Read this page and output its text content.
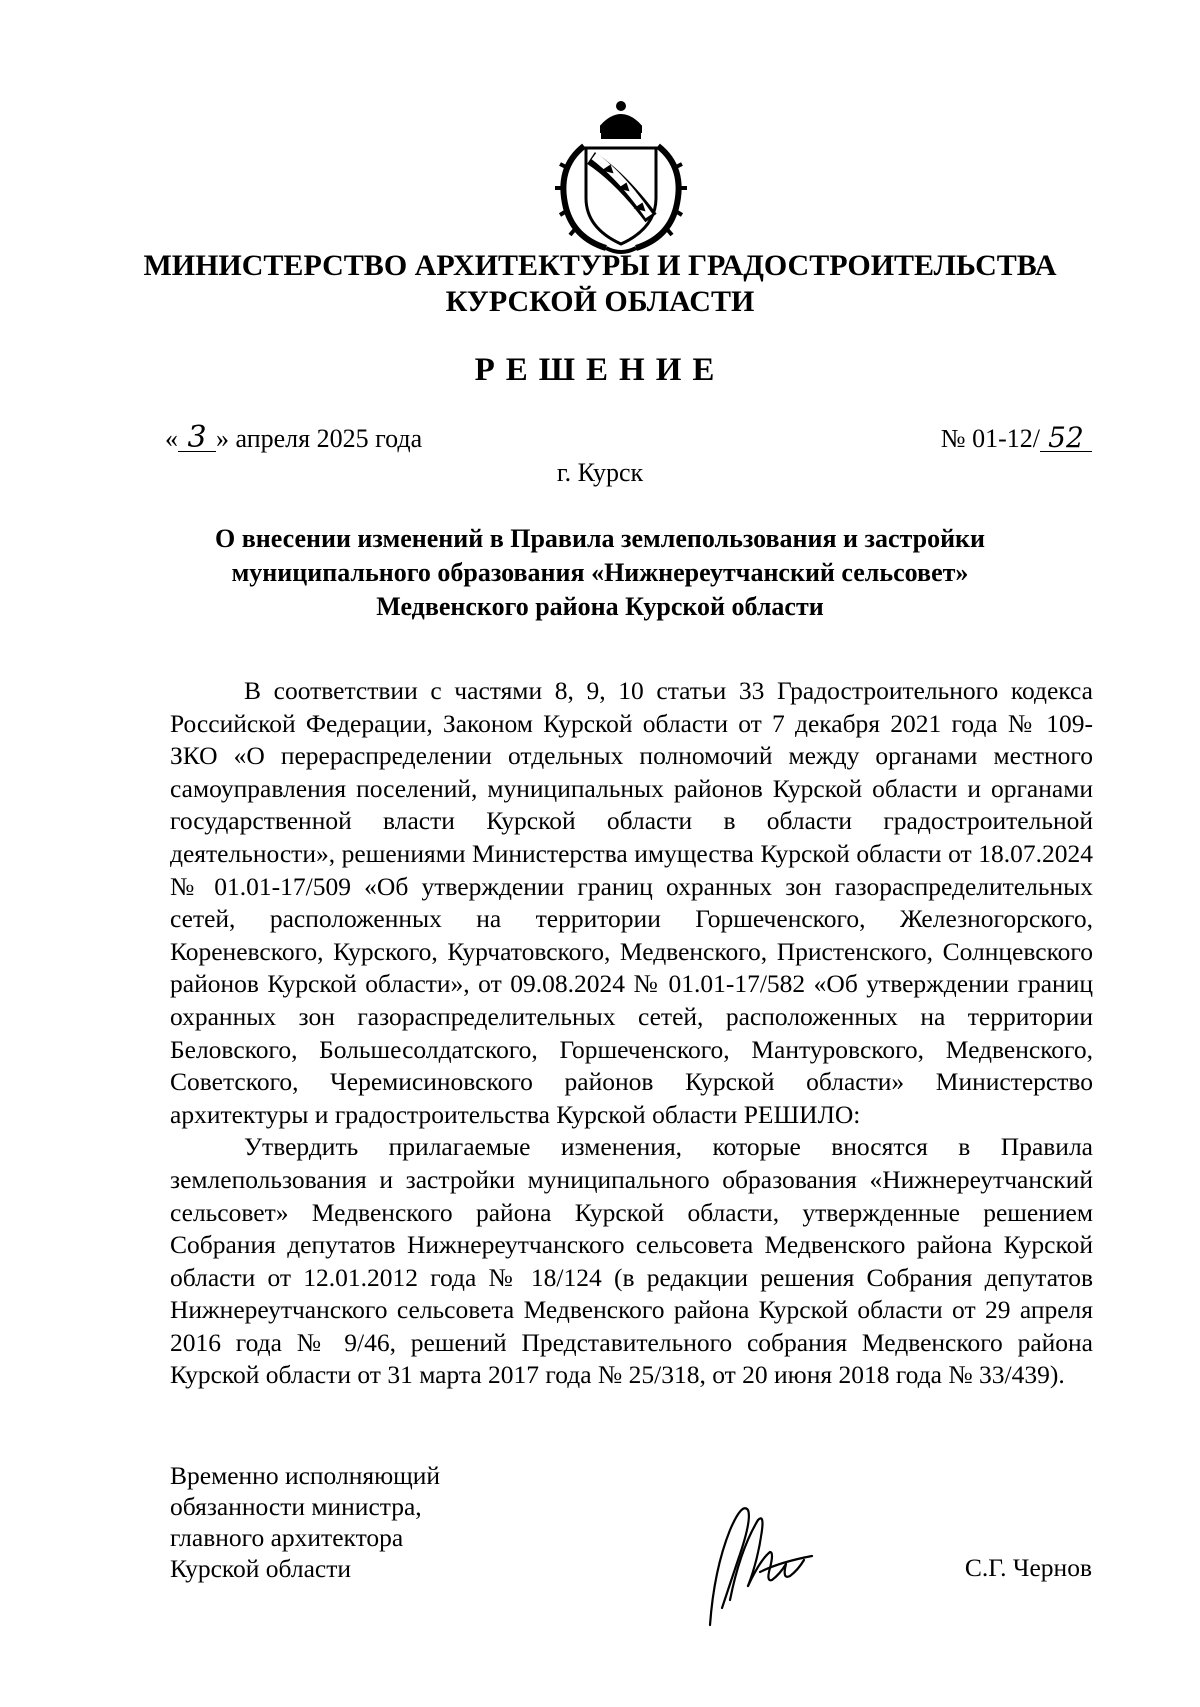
МИНИСТЕРСТВО АРХИТЕКТУРЫ И ГРАДОСТРОИТЕЛЬСТВА
КУРСКОЙ ОБЛАСТИ
РЕШЕНИЕ
« 3 » апреля 2025 года	№ 01-12/ 52
г. Курск
О внесении изменений в Правила землепользования и застройки
муниципального образования «Нижнереутчанский сельсовет»
Медвенского района Курской области

В соответствии с частями 8, 9, 10 статьи 33 Градостроительного кодекса Российской Федерации, Законом Курской области от 7 декабря 2021 года № 109-ЗКО «О перераспределении отдельных полномочий между органами местного самоуправления поселений, муниципальных районов Курской области и органами государственной власти Курской области в области градостроительной деятельности», решениями Министерства имущества Курской области от 18.07.2024 № 01.01-17/509 «Об утверждении границ охранных зон газораспределительных сетей, расположенных на территории Горшеченского, Железногорского, Кореневского, Курского, Курчатовского, Медвенского, Пристенского, Солнцевского районов Курской области», от 09.08.2024 № 01.01-17/582 «Об утверждении границ охранных зон газораспределительных сетей, расположенных на территории Беловского, Большесолдатского, Горшеченского, Мантуровского, Медвенского, Советского, Черемисиновского районов Курской области» Министерство архитектуры и градостроительства Курской области РЕШИЛО:

Утвердить прилагаемые изменения, которые вносятся в Правила землепользования и застройки муниципального образования «Нижнереутчанский сельсовет» Медвенского района Курской области, утвержденные решением Собрания депутатов Нижнереутчанского сельсовета Медвенского района Курской области от 12.01.2012 года № 18/124 (в редакции решения Собрания депутатов Нижнереутчанского сельсовета Медвенского района Курской области от 29 апреля 2016 года № 9/46, решений Представительного собрания Медвенского района Курской области от 31 марта 2017 года № 25/318, от 20 июня 2018 года № 33/439).

Временно исполняющий
обязанности министра,
главного архитектора
Курской области	С.Г. Чернов
